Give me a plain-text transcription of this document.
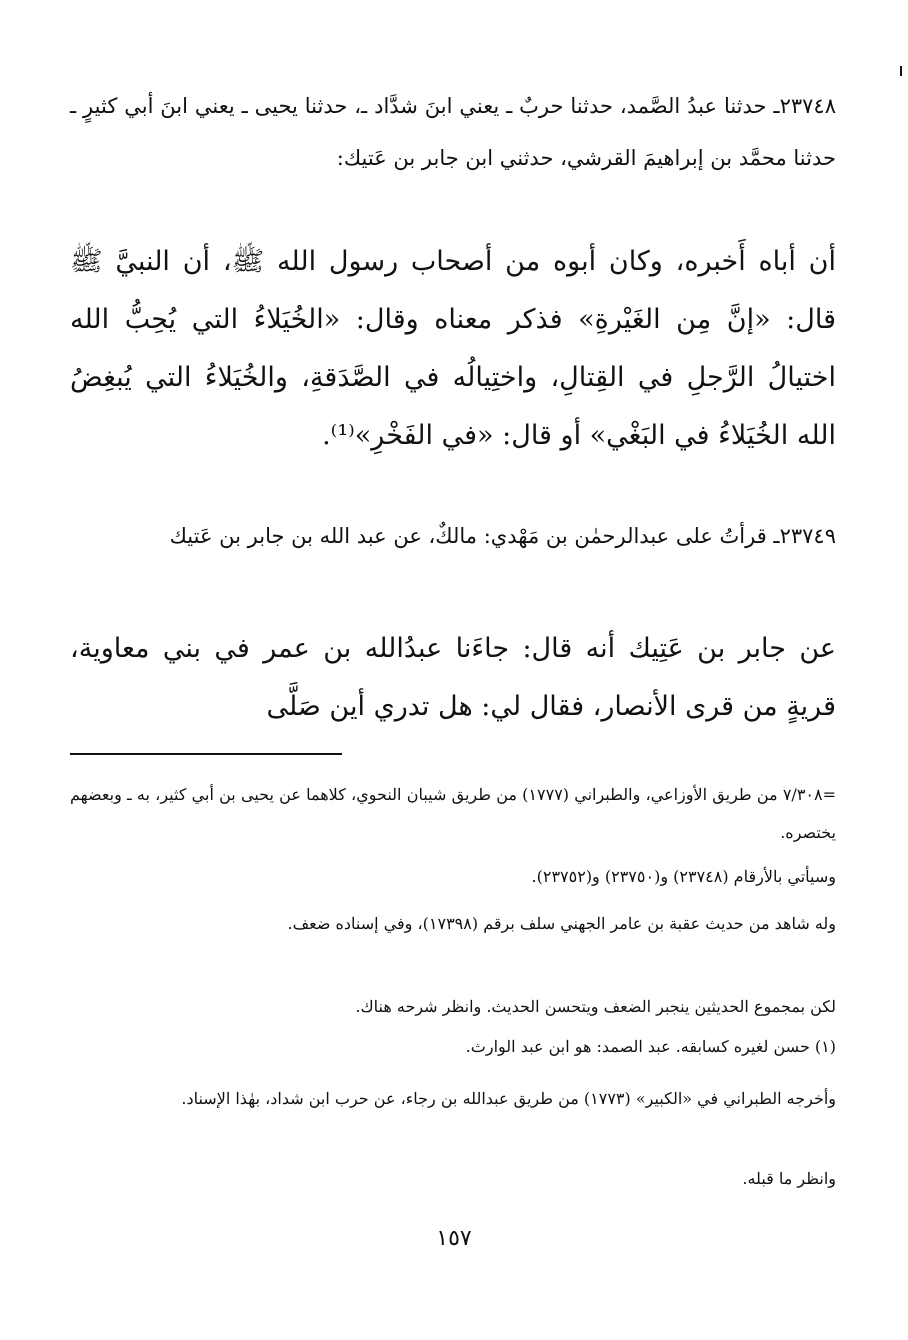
٢٣٧٤٨ـ حدثنا عبدُ الصَّمد، حدثنا حربٌ ـ يعني ابنَ شدَّاد ـ، حدثنا يحيى ـ يعني ابنَ أبي كثيرٍ ـ حدثنا محمَّد بن إبراهيمَ القرشي، حدثني ابن جابر بن عَتيك:

أن أباه أَخبره، وكان أبوه من أصحاب رسول الله ﷺ، أن النبيَّ ﷺ قال: «إنَّ مِن الغَيْرةِ» فذكر معناه وقال: «الخُيَلاءُ التي يُحِبُّ الله اختيالُ الرَّجلِ في القِتالِ، واختِيالُه في الصَّدَقةِ، والخُيَلاءُ التي يُبغِضُ الله الخُيَلاءُ في البَغْي» أو قال: «في الفَخْرِ»⁽¹⁾.

٢٣٧٤٩ـ قرأتُ على عبدالرحمٰن بن مَهْدي: مالكٌ، عن عبد الله بن جابر بن عَتيك

عن جابر بن عَتِيك أنه قال: جاءَنا عبدُالله بن عمر في بني معاوية، قريةٍ من قرى الأنصار، فقال لي: هل تدري أين صَلَّى

=٧/٣٠٨ من طريق الأوزاعي، والطبراني (١٧٧٧) من طريق شيبان النحوي، كلاهما عن يحيى بن أبي كثير، به ـ وبعضهم يختصره.

وسيأتي بالأرقام (٢٣٧٤٨) و(٢٣٧٥٠) و(٢٣٧٥٢).

وله شاهد من حديث عقبة بن عامر الجهني سلف برقم (١٧٣٩٨)، وفي إسناده ضعف.

لكن بمجموع الحديثين ينجبر الضعف ويتحسن الحديث. وانظر شرحه هناك.

(١) حسن لغيره كسابقه. عبد الصمد: هو ابن عبد الوارث.

وأخرجه الطبراني في «الكبير» (١٧٧٣) من طريق عبدالله بن رجاء، عن حرب ابن شداد، بهٰذا الإسناد.

وانظر ما قبله.

١٥٧
